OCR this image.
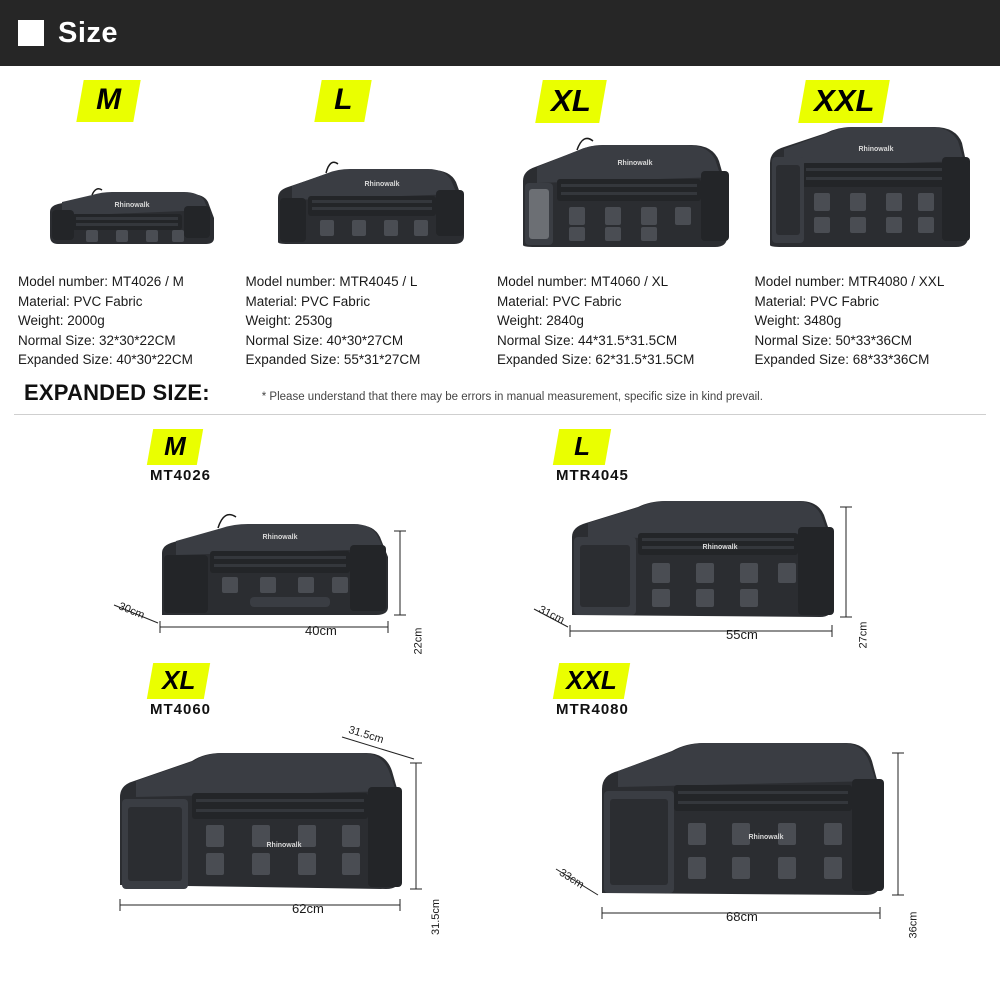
Size
M
Rhinowalk
Model number: MT4026 / M
Material: PVC Fabric
Weight: 2000g
Normal Size: 32*30*22CM
Expanded Size: 40*30*22CM
L
Rhinowalk
Model number: MTR4045 / L
Material: PVC Fabric
Weight: 2530g
Normal Size: 40*30*27CM
Expanded Size: 55*31*27CM
XL
Rhinowalk
Model number: MT4060 / XL
Material: PVC Fabric
Weight: 2840g
Normal Size: 44*31.5*31.5CM
Expanded Size: 62*31.5*31.5CM
XXL
Rhinowalk
Model number: MTR4080 / XXL
Material: PVC Fabric
Weight: 3480g
Normal Size: 50*33*36CM
Expanded Size: 68*33*36CM
EXPANDED SIZE:	* Please understand that there may be errors in manual measurement, specific size in kind prevail.
M
MT4026
Rhinowalk
22cm
30cm
40cm
L
MTR4045
Rhinowalk
27cm
31cm
55cm
XL
MT4060
Rhinowalk
31.5cm
31.5cm
62cm
XXL
MTR4080
Rhinowalk
36cm
33cm
68cm
